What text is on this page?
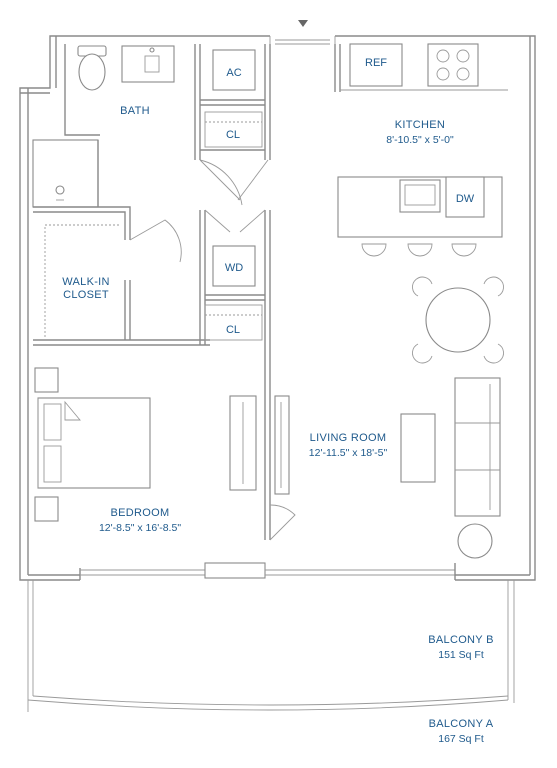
BATH
WALK-IN
CLOSET
KITCHEN
8'-10.5" x 5'-0"
LIVING ROOM
12'-11.5" x 18'-5"
BEDROOM
12'-8.5" x 16'-8.5"
BALCONY B
151 Sq Ft
BALCONY A
167 Sq Ft
AC
CL
WD
CL
REF
DW
